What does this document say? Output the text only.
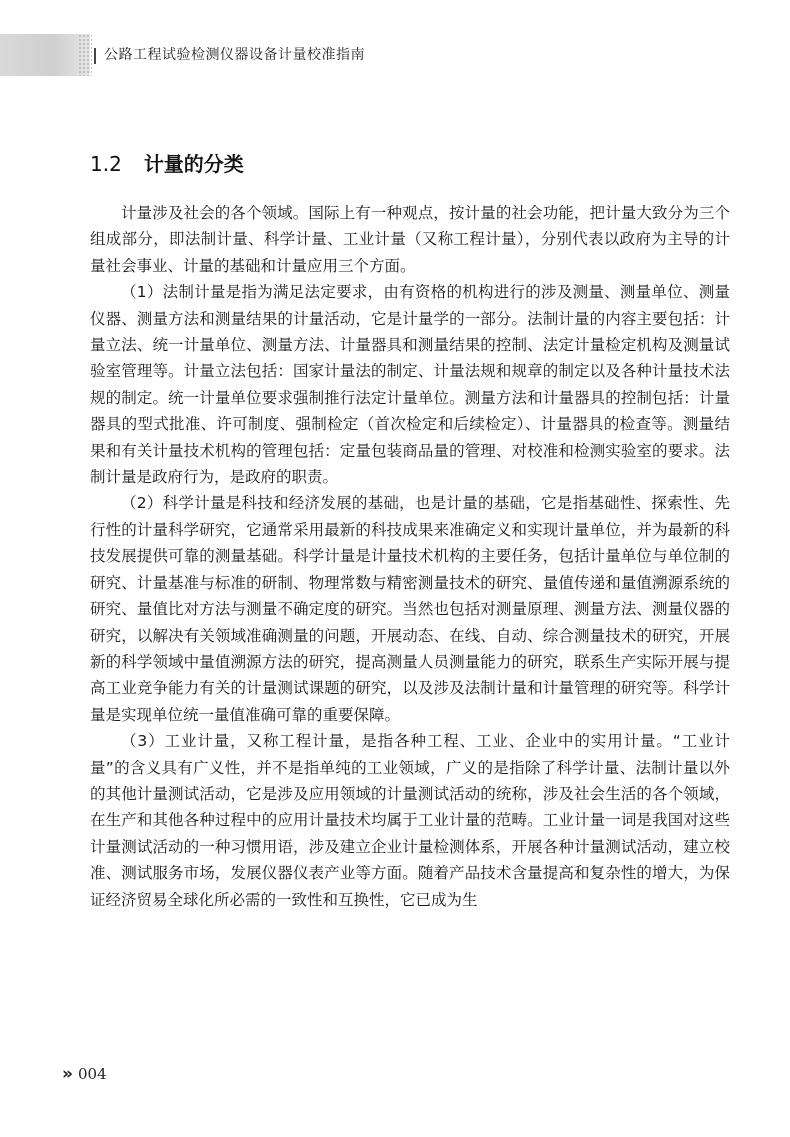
公路工程试验检测仪器设备计量校准指南
1.2 计量的分类

计量涉及社会的各个领域。国际上有一种观点，按计量的社会功能，把计量大致分为三个组成部分，即法制计量、科学计量、工业计量（又称工程计量），分别代表以政府为主导的计量社会事业、计量的基础和计量应用三个方面。

（1）法制计量是指为满足法定要求，由有资格的机构进行的涉及测量、测量单位、测量仪器、测量方法和测量结果的计量活动，它是计量学的一部分。法制计量的内容主要包括：计量立法、统一计量单位、测量方法、计量器具和测量结果的控制、法定计量检定机构及测量试验室管理等。计量立法包括：国家计量法的制定、计量法规和规章的制定以及各种计量技术法规的制定。统一计量单位要求强制推行法定计量单位。测量方法和计量器具的控制包括：计量器具的型式批准、许可制度、强制检定（首次检定和后续检定）、计量器具的检查等。测量结果和有关计量技术机构的管理包括：定量包装商品量的管理、对校准和检测实验室的要求。法制计量是政府行为，是政府的职责。

（2）科学计量是科技和经济发展的基础，也是计量的基础，它是指基础性、探索性、先行性的计量科学研究，它通常采用最新的科技成果来准确定义和实现计量单位，并为最新的科技发展提供可靠的测量基础。科学计量是计量技术机构的主要任务，包括计量单位与单位制的研究、计量基准与标准的研制、物理常数与精密测量技术的研究、量值传递和量值溯源系统的研究、量值比对方法与测量不确定度的研究。当然也包括对测量原理、测量方法、测量仪器的研究，以解决有关领域准确测量的问题，开展动态、在线、自动、综合测量技术的研究，开展新的科学领域中量值溯源方法的研究，提高测量人员测量能力的研究，联系生产实际开展与提高工业竞争能力有关的计量测试课题的研究，以及涉及法制计量和计量管理的研究等。科学计量是实现单位统一量值准确可靠的重要保障。

（3）工业计量，又称工程计量，是指各种工程、工业、企业中的实用计量。“工业计量”的含义具有广义性，并不是指单纯的工业领域，广义的是指除了科学计量、法制计量以外的其他计量测试活动，它是涉及应用领域的计量测试活动的统称，涉及社会生活的各个领域，在生产和其他各种过程中的应用计量技术均属于工业计量的范畴。工业计量一词是我国对这些计量测试活动的一种习惯用语，涉及建立企业计量检测体系，开展各种计量测试活动，建立校准、测试服务市场，发展仪器仪表产业等方面。随着产品技术含量提高和复杂性的增大，为保证经济贸易全球化所必需的一致性和互换性，它已成为生

» 004
